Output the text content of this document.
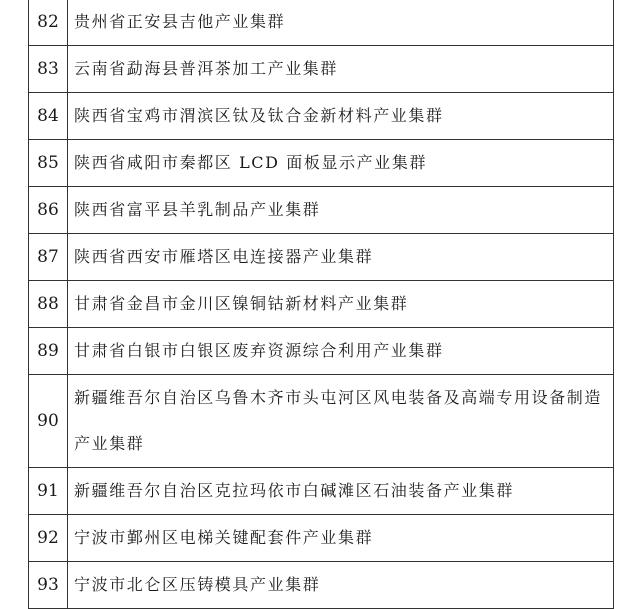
82	贵州省正安县吉他产业集群
83	云南省勐海县普洱茶加工产业集群
84	陕西省宝鸡市渭滨区钛及钛合金新材料产业集群
85	陕西省咸阳市秦都区 LCD 面板显示产业集群
86	陕西省富平县羊乳制品产业集群
87	陕西省西安市雁塔区电连接器产业集群
88	甘肃省金昌市金川区镍铜钴新材料产业集群
89	甘肃省白银市白银区废弃资源综合利用产业集群
90	新疆维吾尔自治区乌鲁木齐市头屯河区风电装备及高端专用设备制造产业集群
91	新疆维吾尔自治区克拉玛依市白碱滩区石油装备产业集群
92	宁波市鄞州区电梯关键配套件产业集群
93	宁波市北仑区压铸模具产业集群
